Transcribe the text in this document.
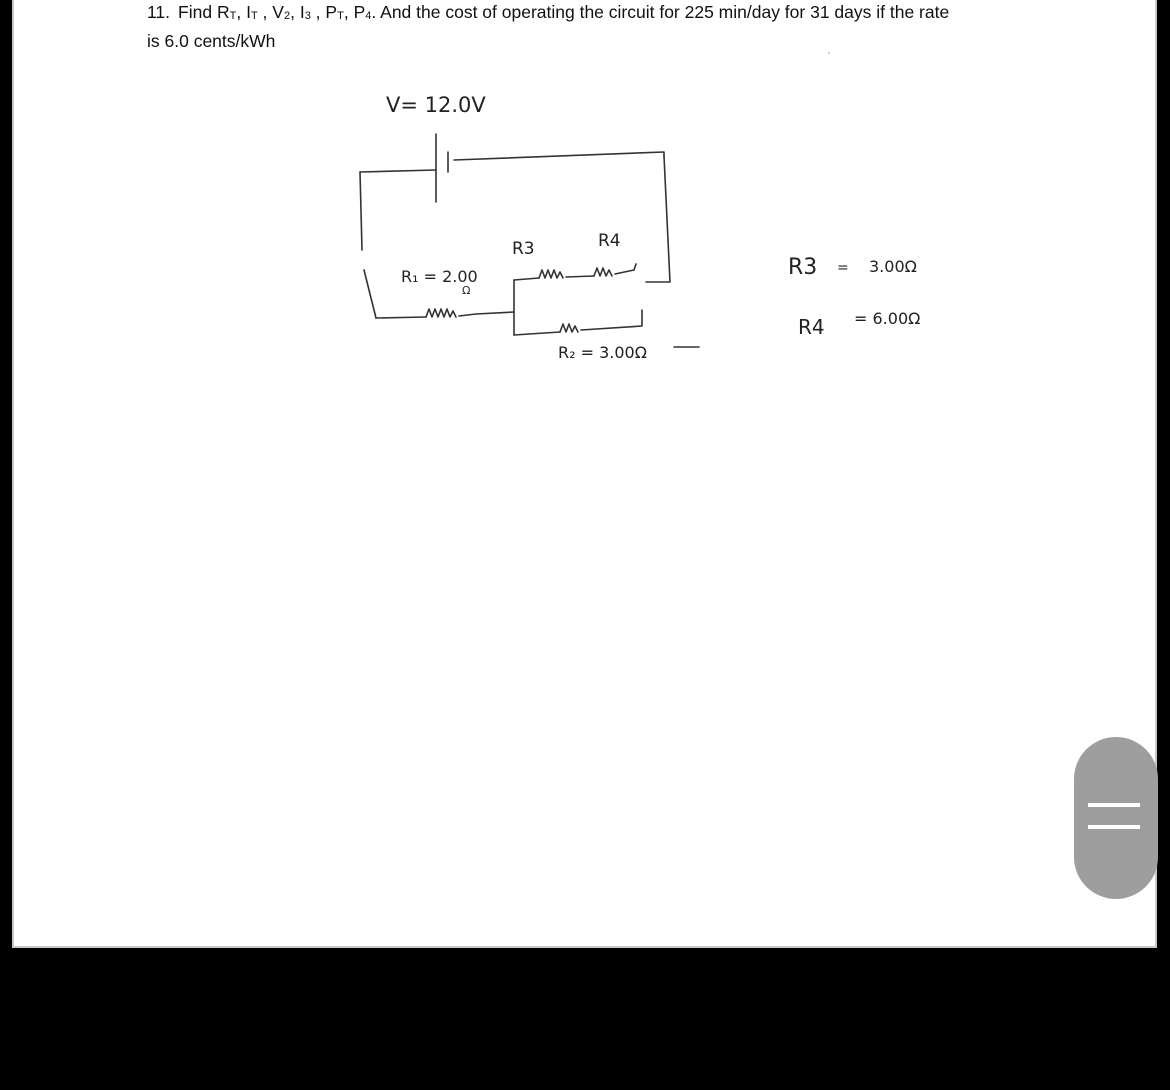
11. Find $R_T$, $I_T$ , $V_2$, $I_3$ , $P_T$, $P_4$. And the cost of operating the circuit for 225 min/day for 31 days if the rate
is 6.0 cents/kWh
V= 12.0V
R₁ = 2.00
Ω
R3	R4
R₂ = 3.00Ω
R3 = 3.00Ω
R4 = 6.00Ω
